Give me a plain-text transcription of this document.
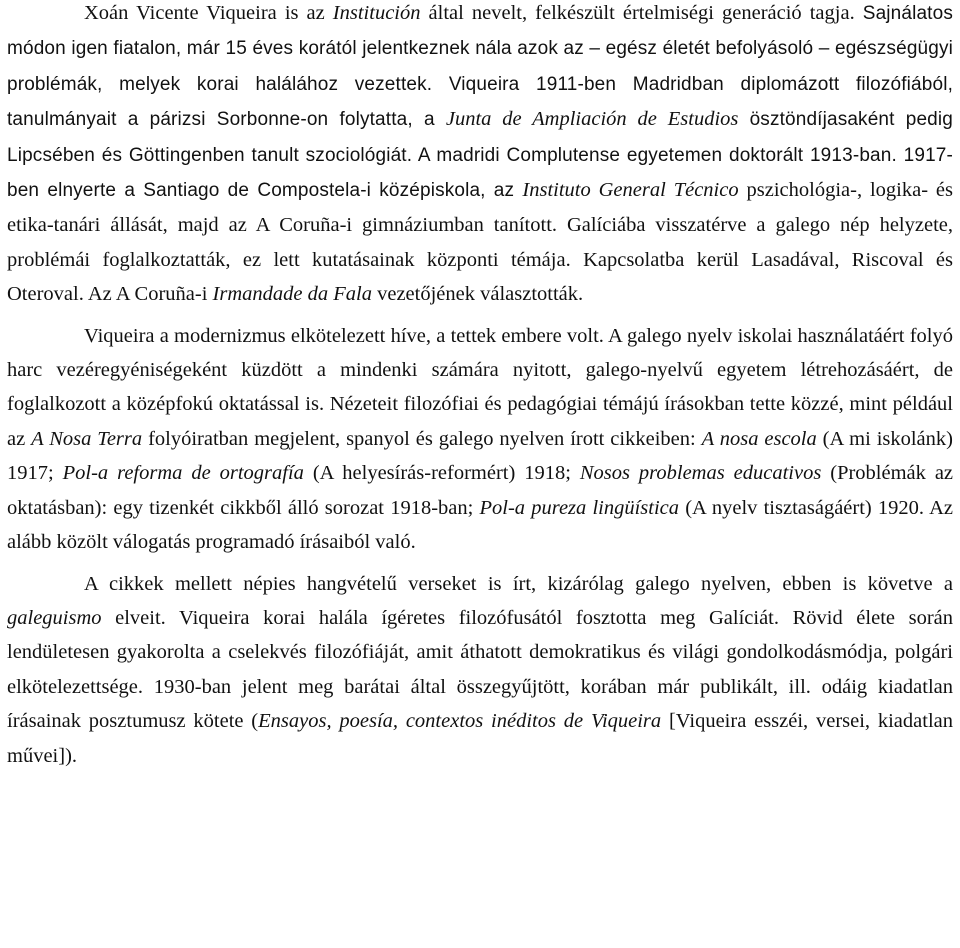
Xoán Vicente Viqueira is az Institución által nevelt, felkészült értelmiségi generáció tagja. Sajnálatos módon igen fiatalon, már 15 éves korától jelentkeznek nála azok az – egész életét befolyásoló – egészségügyi problémák, melyek korai halálához vezettek. Viqueira 1911-ben Madridban diplomázott filozófiából, tanulmányait a párizsi Sorbonne-on folytatta, a Junta de Ampliación de Estudios ösztöndíjasaként pedig Lipcsében és Göttingenben tanult szociológiát. A madridi Complutense egyetemen doktorált 1913-ban. 1917-ben elnyerte a Santiago de Compostela-i középiskola, az Instituto General Técnico pszichológia-, logika- és etika-tanári állását, majd az A Coruña-i gimnáziumban tanított. Galíciába visszatérve a galego nép helyzete, problémái foglalkoztatták, ez lett kutatásainak központi témája. Kapcsolatba kerül Lasadával, Riscoval és Oteroval. Az A Coruña-i Irmandade da Fala vezetőjének választották.

Viqueira a modernizmus elkötelezett híve, a tettek embere volt. A galego nyelv iskolai használatáért folyó harc vezéregyéniségeként küzdött a mindenki számára nyitott, galego-nyelvű egyetem létrehozásáért, de foglalkozott a középfokú oktatással is. Nézeteit filozófiai és pedagógiai témájú írásokban tette közzé, mint például az A Nosa Terra folyóiratban megjelent, spanyol és galego nyelven írott cikkeiben: A nosa escola (A mi iskolánk) 1917; Pol-a reforma de ortografía (A helyesírás-reformért) 1918; Nosos problemas educativos (Problémák az oktatásban): egy tizenkét cikkből álló sorozat 1918-ban; Pol-a pureza lingüística (A nyelv tisztaságáért) 1920. Az alább közölt válogatás programadó írásaiból való.

A cikkek mellett népies hangvételű verseket is írt, kizárólag galego nyelven, ebben is követve a galeguismo elveit. Viqueira korai halála ígéretes filozófusától fosztotta meg Galíciát. Rövid élete során lendületesen gyakorolta a cselekvés filozófiáját, amit áthatott demokratikus és világi gondolkodásmódja, polgári elkötelezettsége. 1930-ban jelent meg barátai által összegyűjtött, korában már publikált, ill. odáig kiadatlan írásainak posztumusz kötete (Ensayos, poesía, contextos inéditos de Viqueira [Viqueira esszéi, versei, kiadatlan művei]).
